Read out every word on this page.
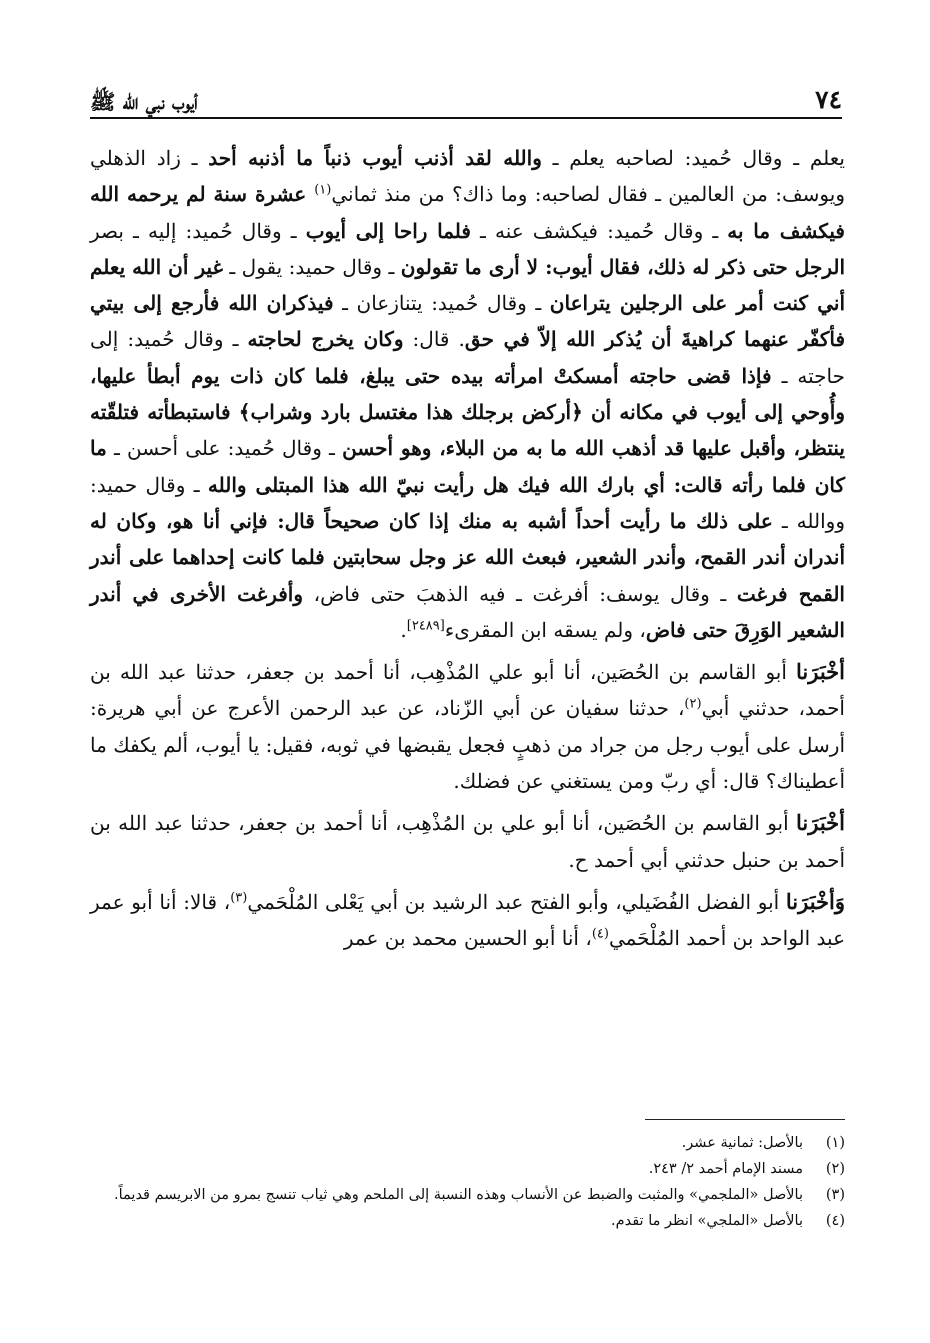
٧٤
أيوب نبي الله ﷺ

يعلم ـ وقال حُميد: لصاحبه يعلم ـ والله لقد أذنب أيوب ذنباً ما أذنبه أحد ـ زاد الذهلي ويوسف: من العالمين ـ فقال لصاحبه: وما ذاك؟ من منذ ثماني$^{(١)}$ عشرة سنة لم يرحمه الله فيكشف ما به ـ وقال حُميد: فيكشف عنه ـ فلما راحا إلى أيوب ـ وقال حُميد: إليه ـ بصر الرجل حتى ذكر له ذلك، فقال أيوب: لا أرى ما تقولون ـ وقال حميد: يقول ـ غير أن الله يعلم أني كنت أمر على الرجلين يتراعان ـ وقال حُميد: يتنازعان ـ فيذكران الله فأرجع إلى بيتي فأكفّر عنهما كراهيةَ أن يُذكر الله إلاّ في حق. قال: وكان يخرج لحاجته ـ وقال حُميد: إلى حاجته ـ فإذا قضى حاجته أمسكتْ امرأته بيده حتى يبلغ، فلما كان ذات يوم أبطأ عليها، وأُوحي إلى أيوب في مكانه أن ﴿أركض برجلك هذا مغتسل بارد وشراب﴾ فاستبطأته فتلقّته ينتظر، وأقبل عليها قد أذهب الله ما به من البلاء، وهو أحسن ـ وقال حُميد: على أحسن ـ ما كان فلما رأته قالت: أي بارك الله فيك هل رأيت نبيّ الله هذا المبتلى والله ـ وقال حميد: ووالله ـ على ذلك ما رأيت أحداً أشبه به منك إذا كان صحيحاً قال: فإني أنا هو، وكان له أندران أندر القمح، وأندر الشعير، فبعث الله عز وجل سحابتين فلما كانت إحداهما على أندر القمح فرغت ـ وقال يوسف: أفرغت ـ فيه الذهبَ حتى فاض، وأفرغت الأخرى في أندر الشعير الوَرِقَ حتى فاض، ولم يسقه ابن المقرىء[٢٤٨٩].

أخْبَرَنا أبو القاسم بن الحُصَين، أنا أبو علي المُذْهِب، أنا أحمد بن جعفر، حدثنا عبد الله بن أحمد، حدثني أبي$^{(٢)}$، حدثنا سفيان عن أبي الزّناد، عن عبد الرحمن الأعرج عن أبي هريرة: أرسل على أيوب رجل من جراد من ذهبٍ فجعل يقبضها في ثوبه، فقيل: يا أيوب، ألم يكفك ما أعطيناك؟ قال: أي ربّ ومن يستغني عن فضلك.

أخْبَرَنا أبو القاسم بن الحُصَين، أنا أبو علي بن المُذْهِب، أنا أحمد بن جعفر، حدثنا عبد الله بن أحمد بن حنبل حدثني أبي أحمد ح.

وَأخْبَرَنا أبو الفضل الفُضَيلي، وأبو الفتح عبد الرشيد بن أبي يَعْلى المُلْحَمي$^{(٣)}$، قالا: أنا أبو عمر عبد الواحد بن أحمد المُلْحَمي$^{(٤)}$، أنا أبو الحسين محمد بن عمر

(١)
بالأصل: ثمانية عشر.
(٢)
مسند الإمام أحمد ٢/ ٢٤٣.
(٣)
بالأصل «الملجمي» والمثبت والضبط عن الأنساب وهذه النسبة إلى الملحم وهي ثياب تنسج بمرو من الابريسم قديماً.
(٤)
بالأصل «الملجي» انظر ما تقدم.
